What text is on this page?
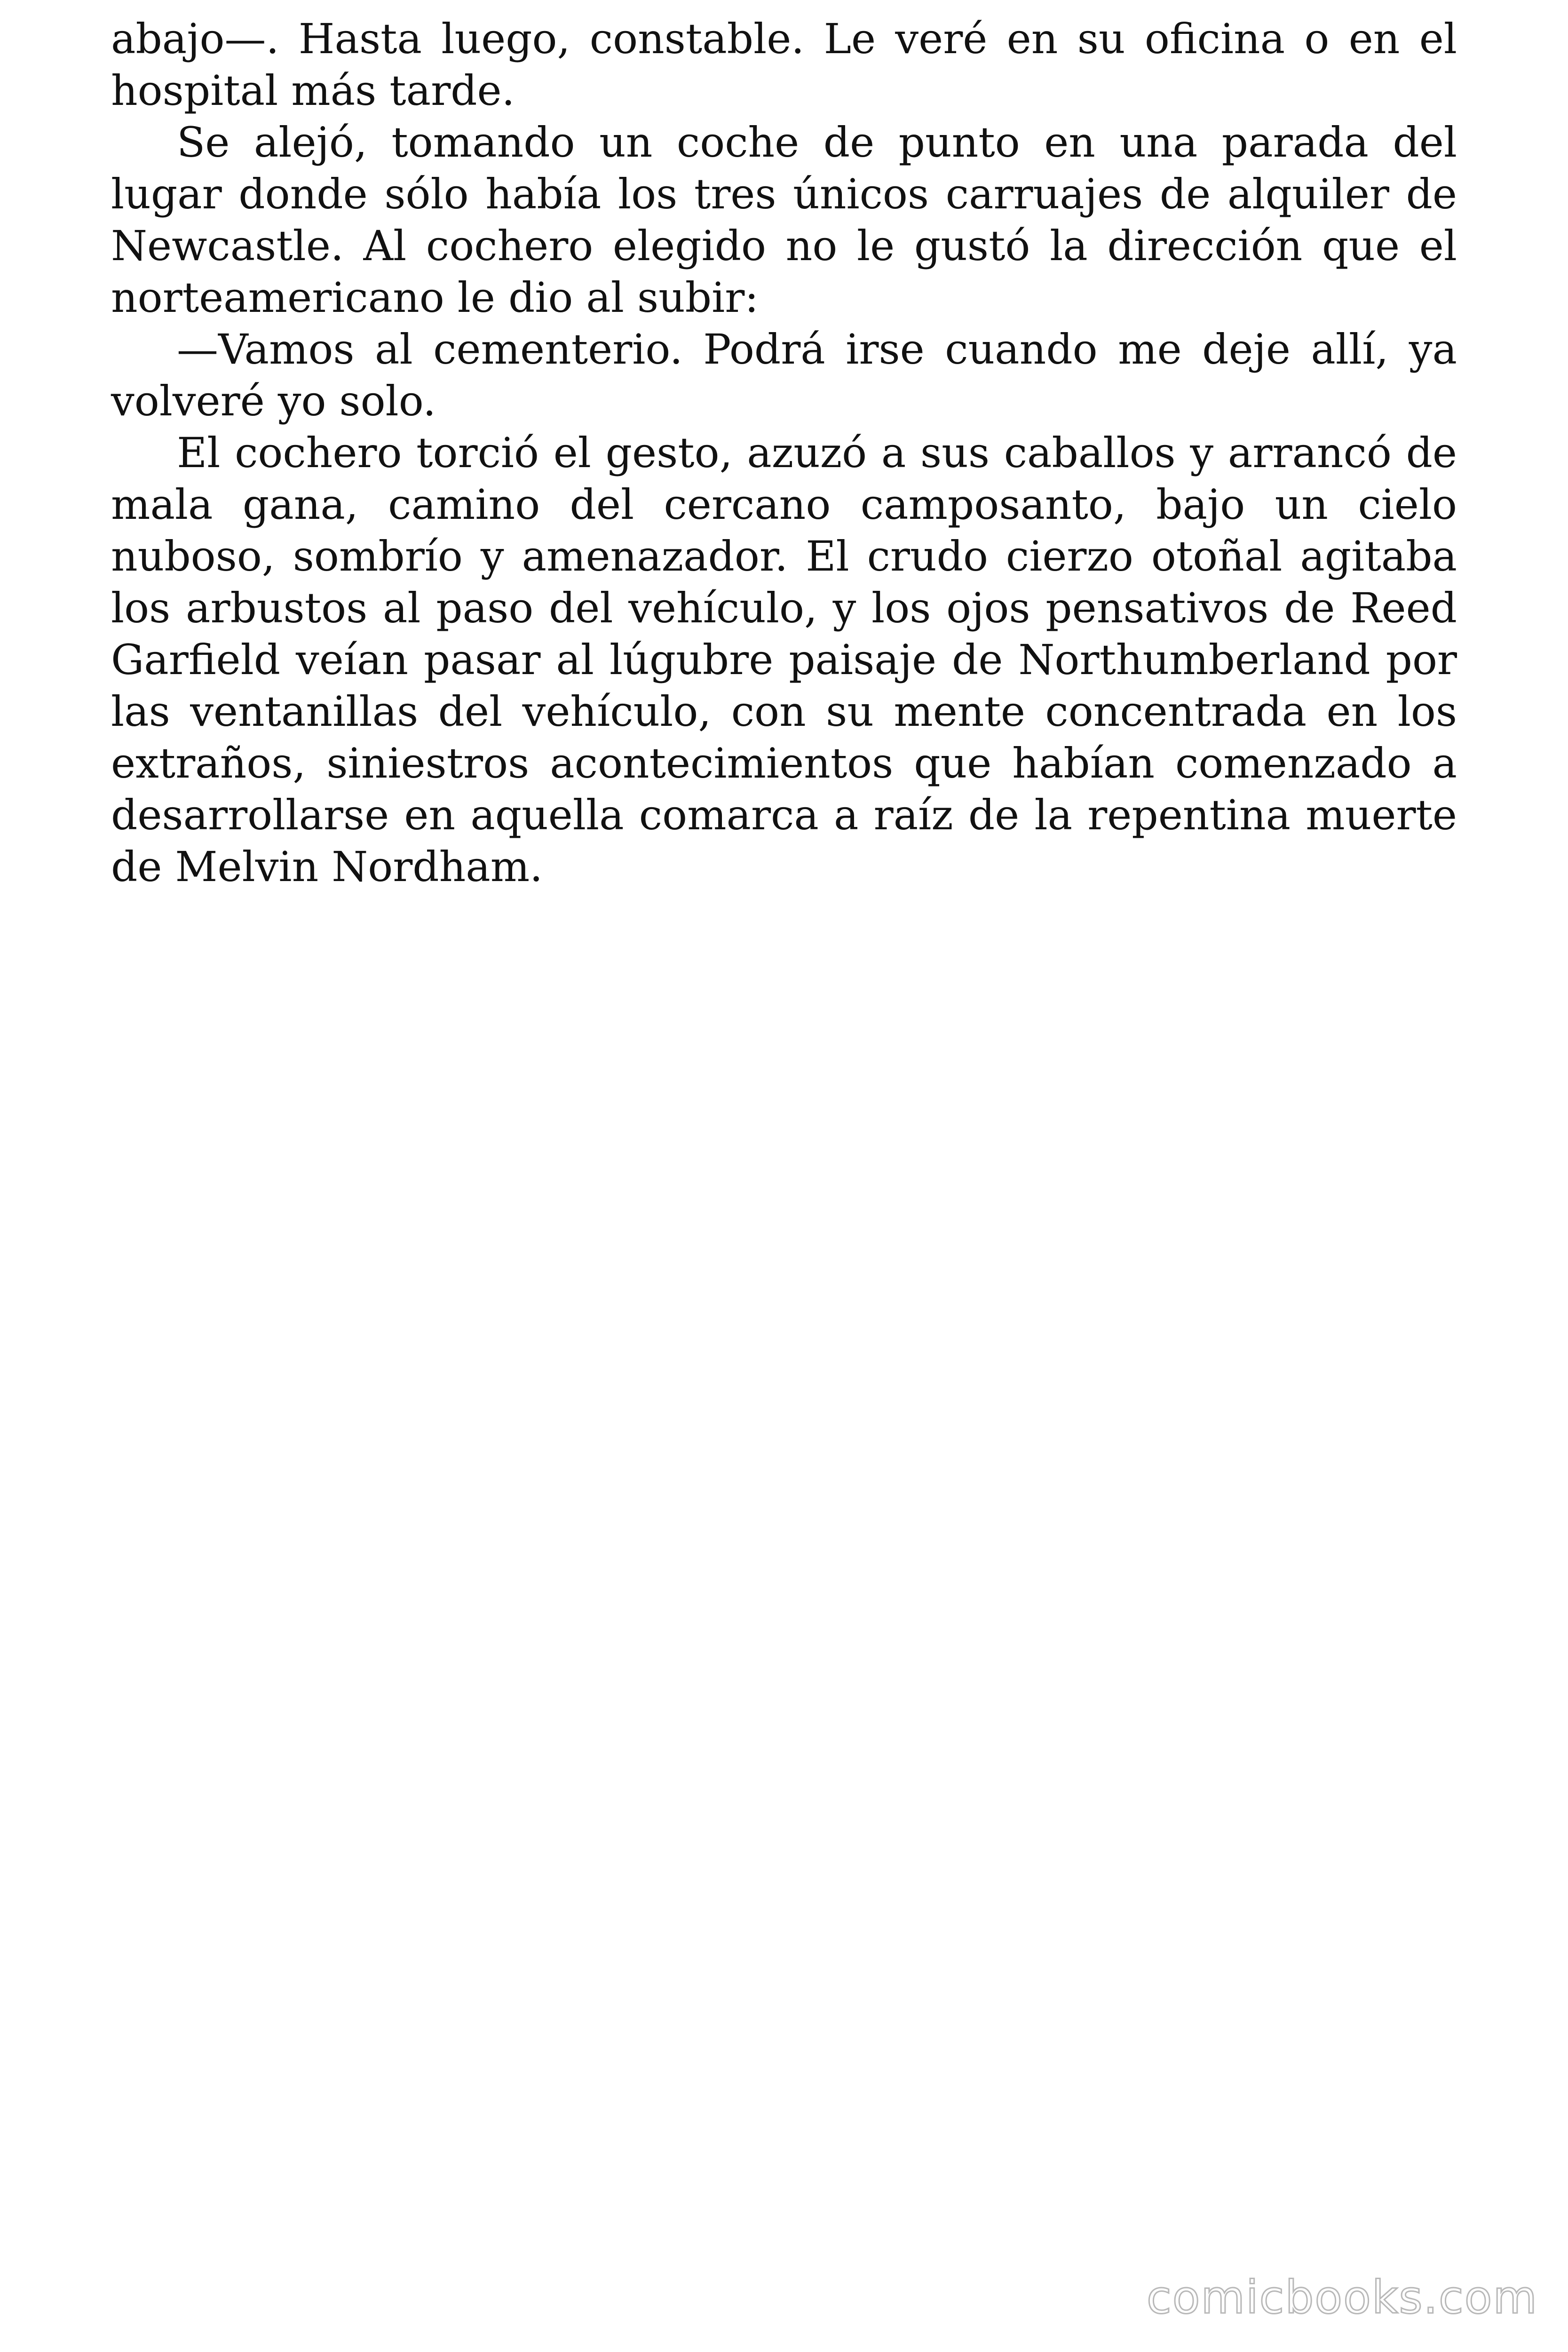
abajo—. Hasta luego, constable. Le veré en su oficina o en el hospital más tarde.

Se alejó, tomando un coche de punto en una parada del lugar donde sólo había los tres únicos carruajes de alquiler de Newcastle. Al cochero elegido no le gustó la dirección que el norteamericano le dio al subir:

—Vamos al cementerio. Podrá irse cuando me deje allí, ya volveré yo solo.

El cochero torció el gesto, azuzó a sus caballos y arrancó de mala gana, camino del cercano camposanto, bajo un cielo nuboso, sombrío y amenazador. El crudo cierzo otoñal agitaba los arbustos al paso del vehículo, y los ojos pensativos de Reed Garfield veían pasar al lúgubre paisaje de Northumberland por las ventanillas del vehículo, con su mente concentrada en los extraños, siniestros acontecimientos que habían comenzado a desarrollarse en aquella comarca a raíz de la repentina muerte de Melvin Nordham.

comicbooks.com
